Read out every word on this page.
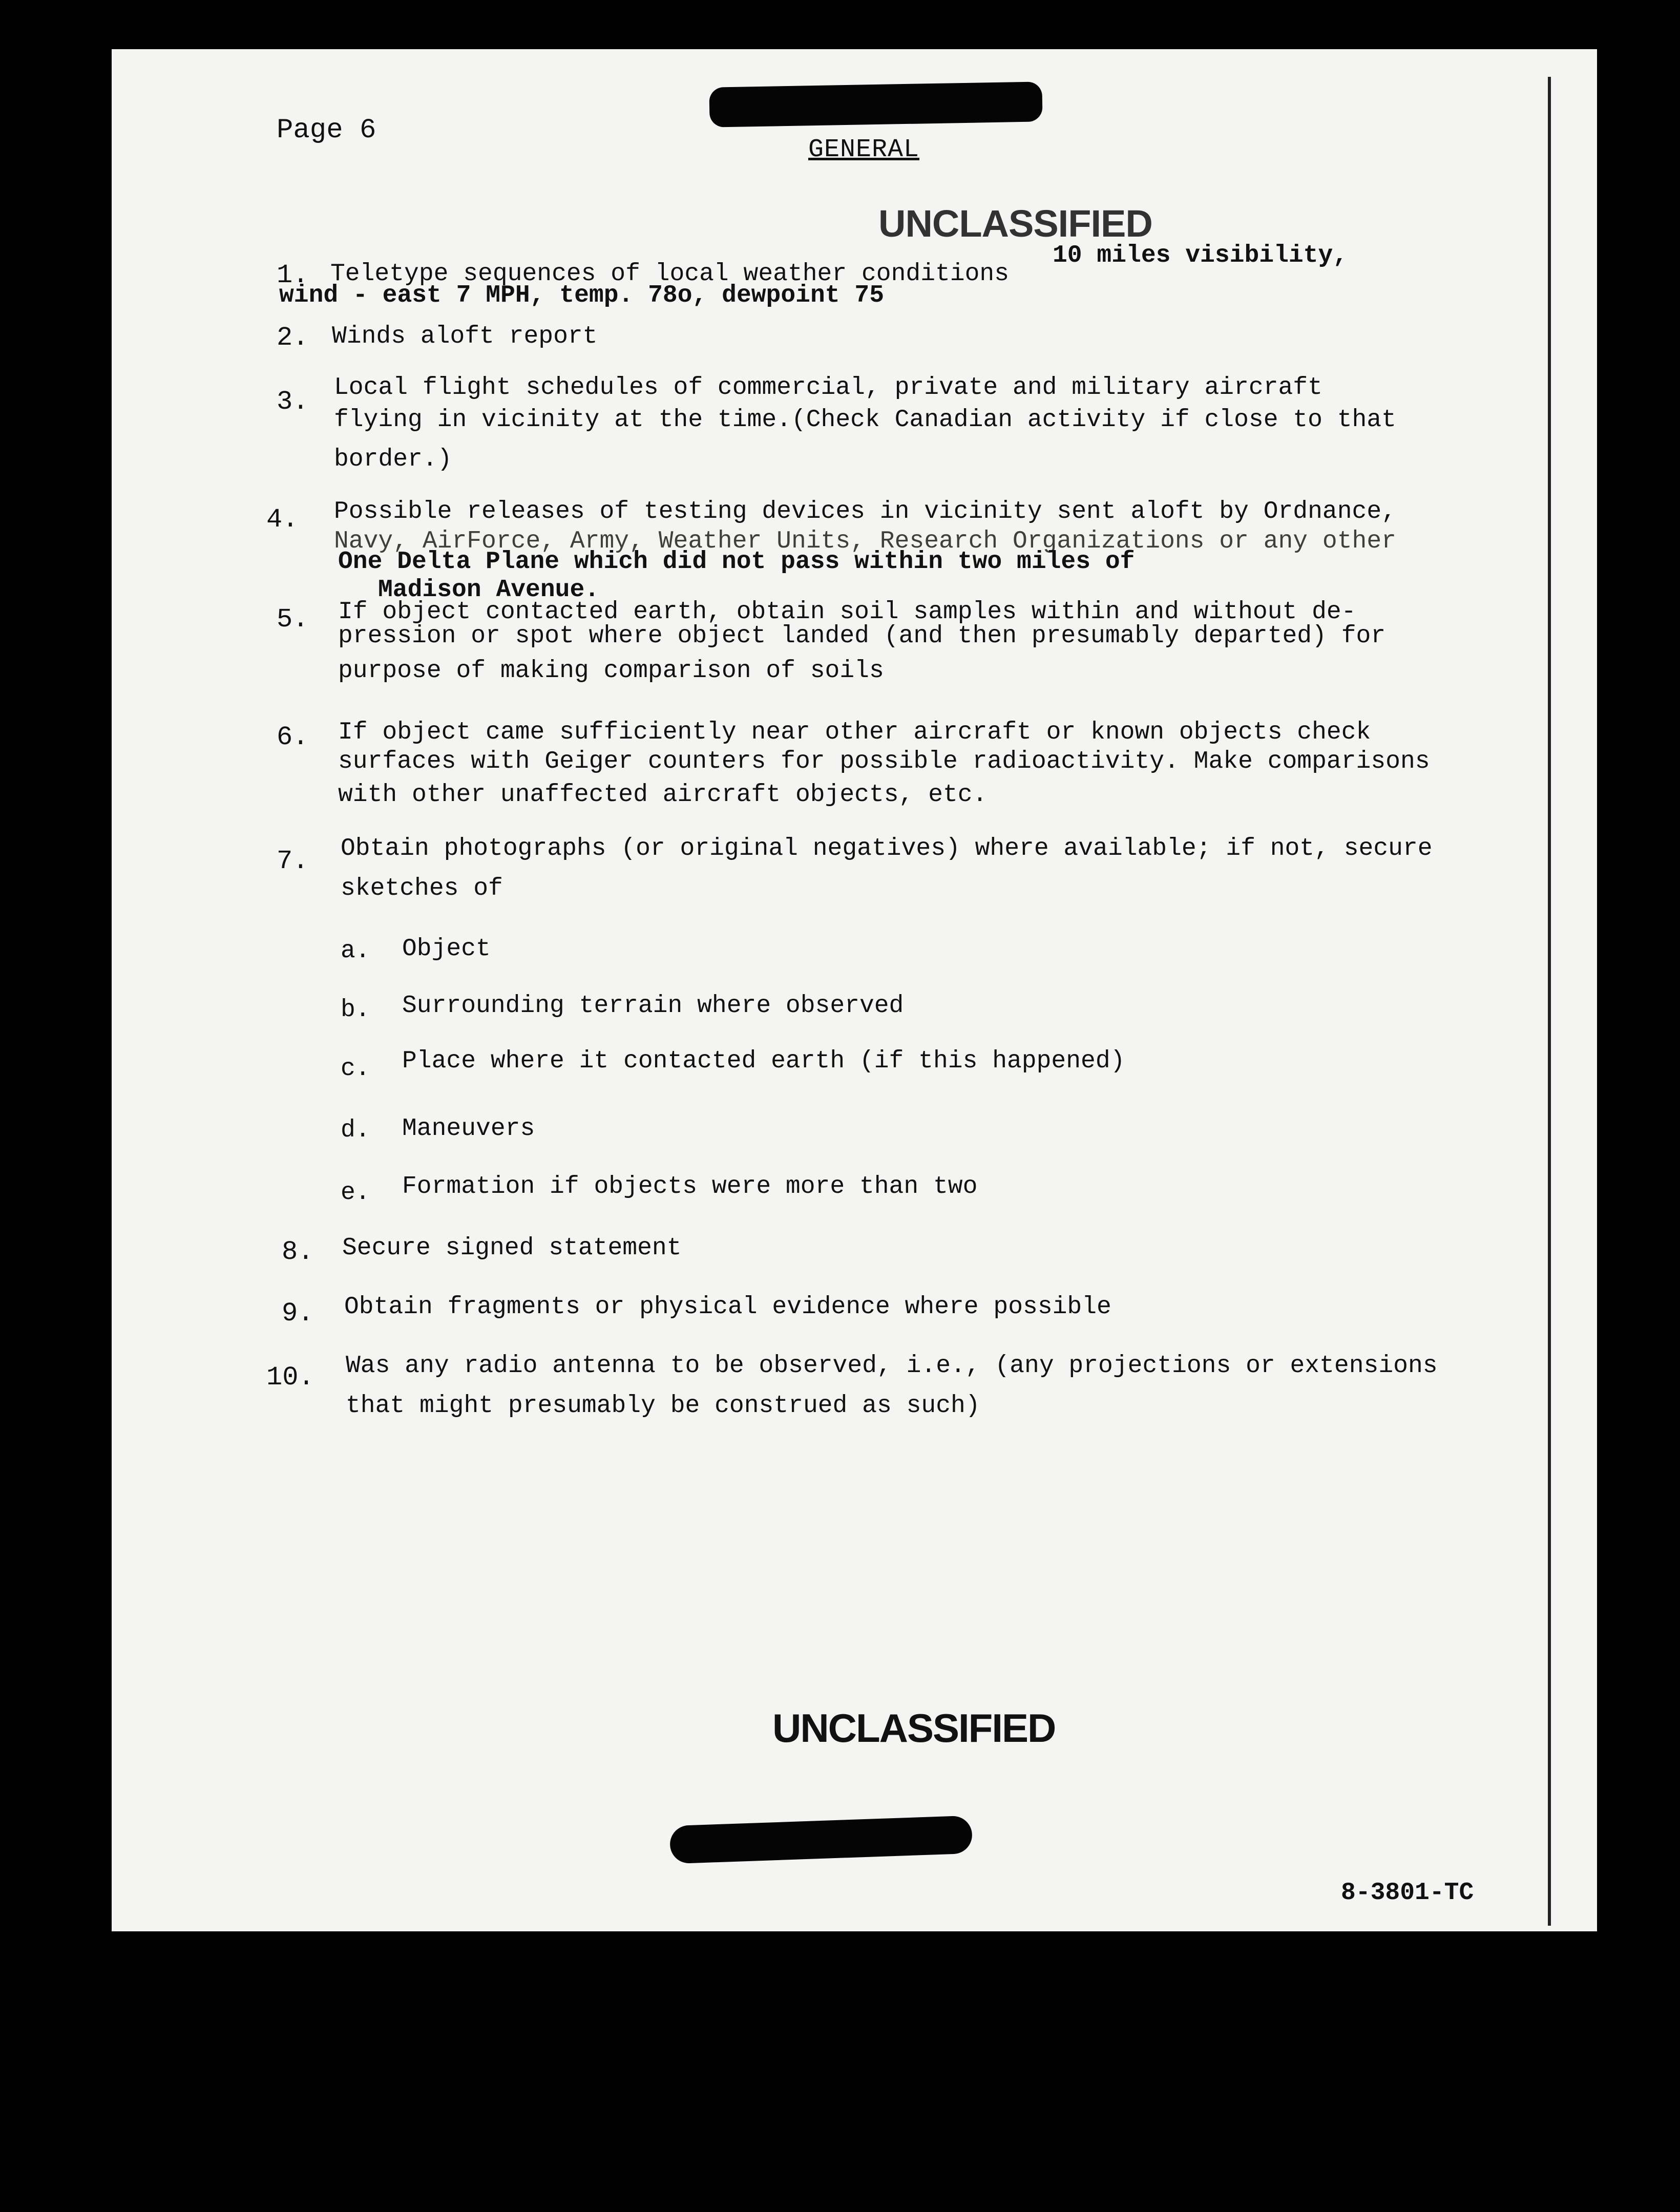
Page 6
GENERAL
UNCLASSIFIED
1. Teletype sequences of local weather conditions
10 miles visibility,
wind - east 7 MPH, temp. 78o, dewpoint 75
2. Winds aloft report
3. Local flight schedules of commercial, private and military aircraft
flying in vicinity at the time.(Check Canadian activity if close to that
border.)
4. Possible releases of testing devices in vicinity sent aloft by Ordnance,
Navy, AirForce, Army, Weather Units, Research Organizations or any other
One Delta Plane which did not pass within two miles of
Madison Avenue.
5. If object contacted earth, obtain soil samples within and without de-
pression or spot where object landed (and then presumably departed) for
purpose of making comparison of soils
6. If object came sufficiently near other aircraft or known objects check
surfaces with Geiger counters for possible radioactivity. Make comparisons
with other unaffected aircraft objects, etc.
7. Obtain photographs (or original negatives) where available; if not, secure
sketches of
a. Object
b. Surrounding terrain where observed
c. Place where it contacted earth (if this happened)
d. Maneuvers
e. Formation if objects were more than two
8. Secure signed statement
9. Obtain fragments or physical evidence where possible
10. Was any radio antenna to be observed, i.e., (any projections or extensions
that might presumably be construed as such)
UNCLASSIFIED
8-3801-TC
